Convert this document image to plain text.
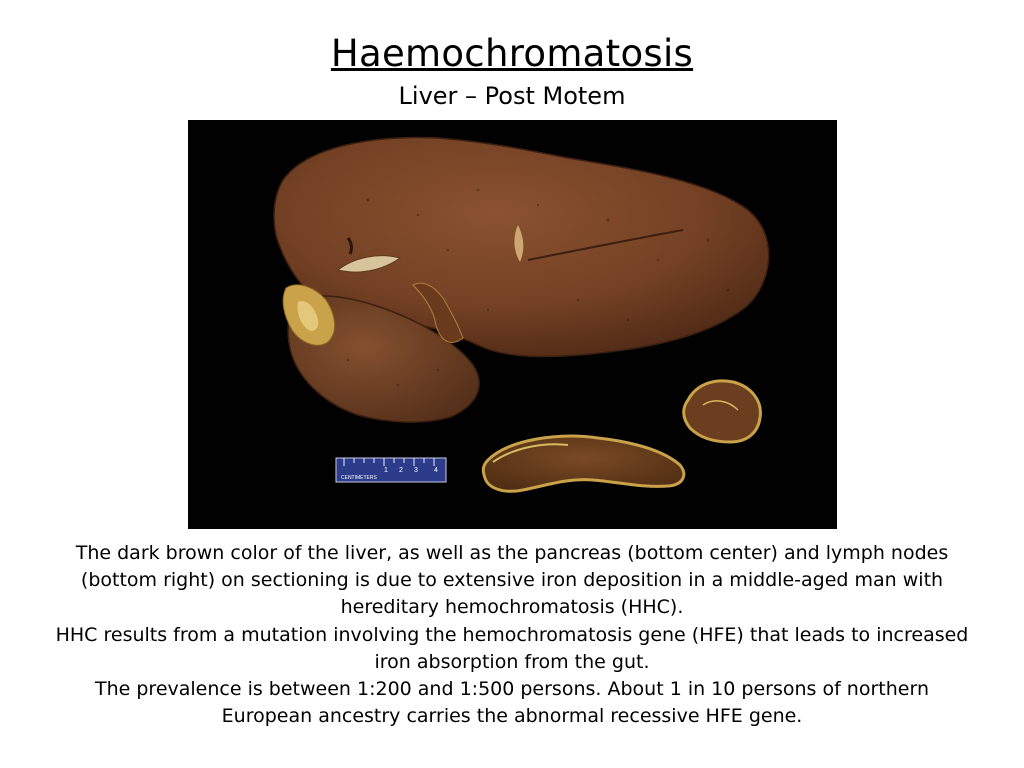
Haemochromatosis
Liver – Post Motem
1 2 3 4
CENTIMETERS

The dark brown color of the liver, as well as the pancreas (bottom center) and lymph nodes (bottom right) on sectioning is due to extensive iron deposition in a middle-aged man with hereditary hemochromatosis (HHC).

HHC results from a mutation involving the hemochromatosis gene (HFE) that leads to increased iron absorption from the gut.

The prevalence is between 1:200 and 1:500 persons. About 1 in 10 persons of northern European ancestry carries the abnormal recessive HFE gene.
